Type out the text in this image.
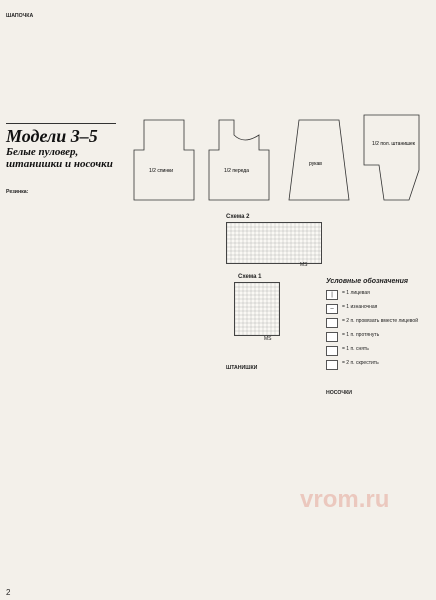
ШАПОЧКА

Модели 3–5
Белые пуловер, штанишки и носочки

Резинка:

1/2 спинки	1/2 переда
рукав
1/2 пол. штанишек
Схема 2
MS
Схема 1
MS
Условные обозначения
|	= 1 лицевая
–	= 1 изнаночная
= 2 п. провязать вместе лицевой
= 1 п. протянуть
= 1 п. снять
= 2 п. скрестить

ШТАНИШКИ

НОСОЧКИ

vrom.ru
2
